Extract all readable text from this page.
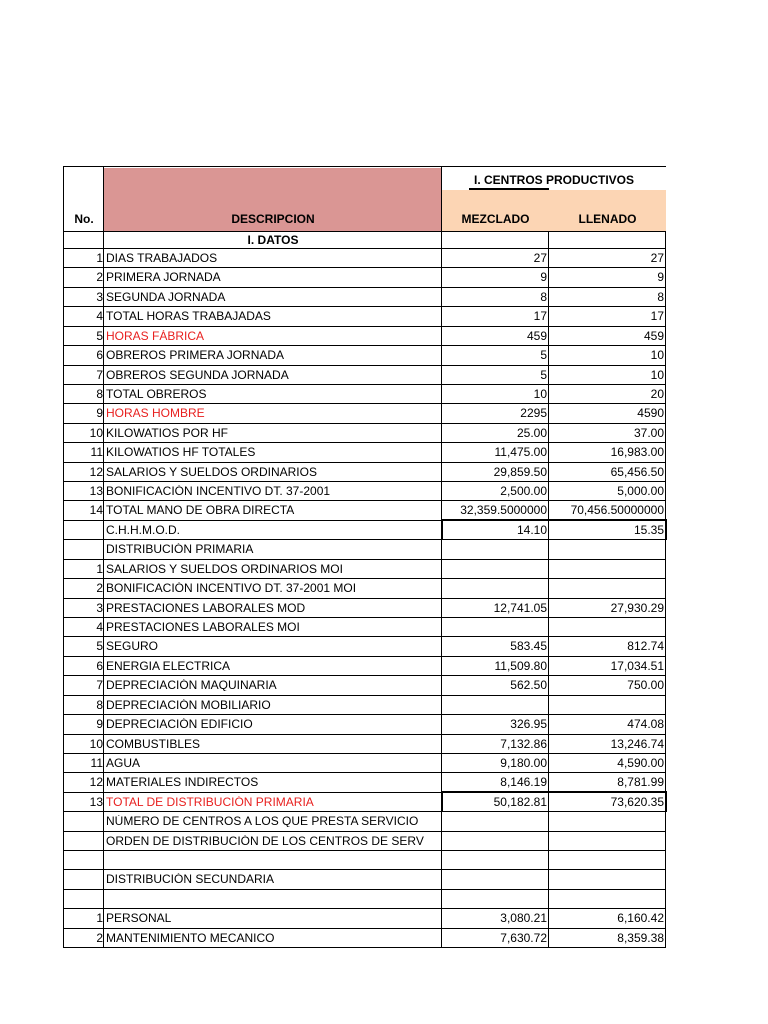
No.	DESCRIPCION
I. CENTROS PRODUCTIVOS
MEZCLADO	LLENADO
I. DATOS
1 DIAS TRABAJADOS	27	27
2 PRIMERA JORNADA	9	9
3 SEGUNDA JORNADA	8	8
4 TOTAL HORAS TRABAJADAS	17	17
5 HORAS FÁBRICA	459	459
6 OBREROS PRIMERA JORNADA	5	10
7 OBREROS SEGUNDA JORNADA	5	10
8 TOTAL OBREROS	10	20
9 HORAS HOMBRE	2295	4590
10 KILOWATIOS POR HF	25.00	37.00
11 KILOWATIOS HF TOTALES	11,475.00	16,983.00
12 SALARIOS Y SUELDOS ORDINARIOS	29,859.50	65,456.50
13 BONIFICACIÓN INCENTIVO DT. 37-2001	2,500.00	5,000.00
14 TOTAL MANO DE OBRA DIRECTA	32,359.5000000	70,456.50000000
C.H.H.M.O.D.	14.10	15.35
DISTRIBUCIÓN PRIMARIA
1 SALARIOS Y SUELDOS ORDINARIOS MOI
2 BONIFICACIÓN INCENTIVO DT. 37-2001 MOI
3 PRESTACIONES LABORALES MOD	12,741.05	27,930.29
4 PRESTACIONES LABORALES MOI
5 SEGURO	583.45	812.74
6 ENERGIA ELECTRICA	11,509.80	17,034.51
7 DEPRECIACIÓN MAQUINARIA	562.50	750.00
8 DEPRECIACIÓN MOBILIARIO
9 DEPRECIACIÓN EDIFICIO	326.95	474.08
10 COMBUSTIBLES	7,132.86	13,246.74
11 AGUA	9,180.00	4,590.00
12 MATERIALES INDIRECTOS	8,146.19	8,781.99
13 TOTAL DE DISTRIBUCIÓN PRIMARIA	50,182.81	73,620.35
NÚMERO DE CENTROS A LOS QUE PRESTA SERVICIO
ORDEN DE DISTRIBUCIÓN DE LOS CENTROS DE SERV
DISTRIBUCIÓN SECUNDARIA
1 PERSONAL	3,080.21	6,160.42
2 MANTENIMIENTO MECANICO	7,630.72	8,359.38
